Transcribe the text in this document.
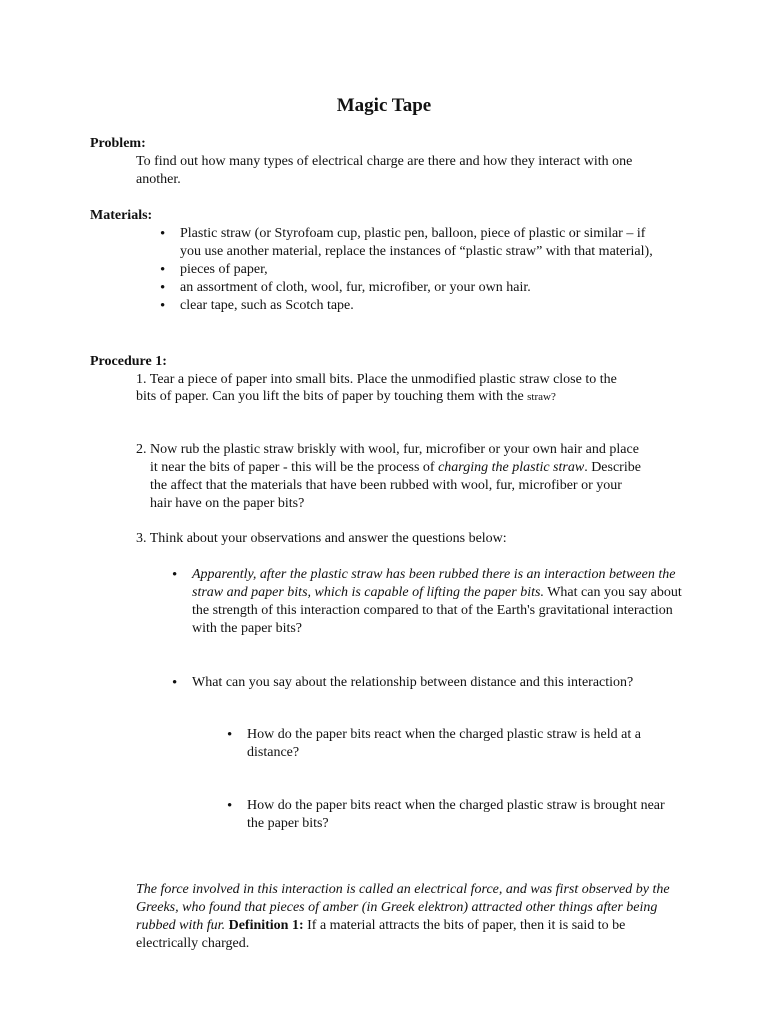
Magic Tape
Problem:
To find out how many types of electrical charge are there and how they interact with one another.
Materials:
• Plastic straw (or Styrofoam cup, plastic pen, balloon, piece of plastic or similar – if you use another material, replace the instances of “plastic straw” with that material),
• pieces of paper,
• an assortment of cloth, wool, fur, microfiber, or your own hair.
• clear tape, such as Scotch tape.
Procedure 1:
1. Tear a piece of paper into small bits. Place the unmodified plastic straw close to the
bits of paper. Can you lift the bits of paper by touching them with the straw?
2. Now rub the plastic straw briskly with wool, fur, microfiber or your own hair and place
it near the bits of paper - this will be the process of charging the plastic straw. Describe
the affect that the materials that have been rubbed with wool, fur, microfiber or your
hair have on the paper bits?
3. Think about your observations and answer the questions below:
• Apparently, after the plastic straw has been rubbed there is an interaction between the straw and paper bits, which is capable of lifting the paper bits. What can you say about the strength of this interaction compared to that of the Earth's gravitational interaction with the paper bits?
• What can you say about the relationship between distance and this interaction?
• How do the paper bits react when the charged plastic straw is held at a distance?
• How do the paper bits react when the charged plastic straw is brought near the paper bits?
The force involved in this interaction is called an electrical force, and was first observed by the Greeks, who found that pieces of amber (in Greek elektron) attracted other things after being rubbed with fur. Definition 1: If a material attracts the bits of paper, then it is said to be electrically charged.
